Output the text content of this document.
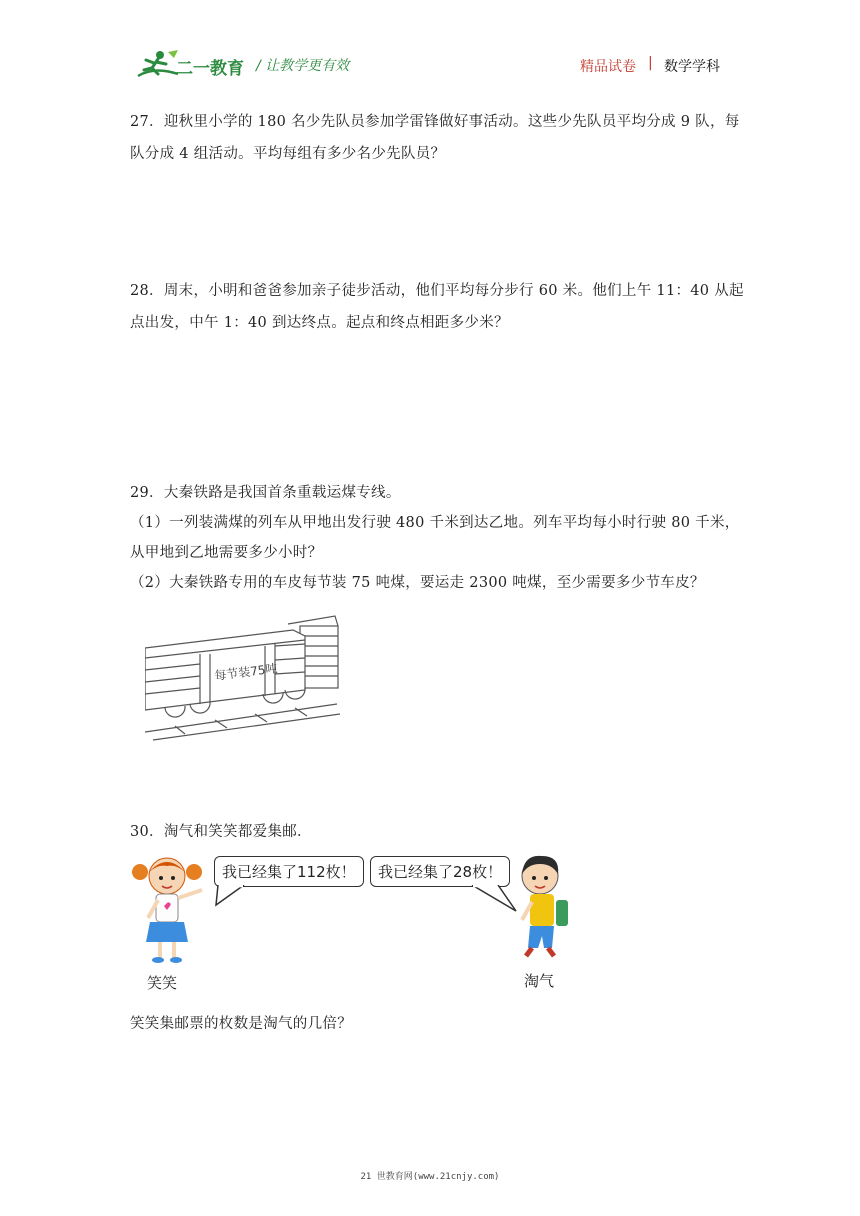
二一教育 / 让教学更有效	精品试卷 | 数学学科
27．迎秋里小学的 180 名少先队员参加学雷锋做好事活动。这些少先队员平均分成 9 队，每
队分成 4 组活动。平均每组有多少名少先队员？
28．周末，小明和爸爸参加亲子徒步活动，他们平均每分步行 60 米。他们上午 11：40 从起
点出发，中午 1：40 到达终点。起点和终点相距多少米？
29．大秦铁路是我国首条重载运煤专线。
（1）一列装满煤的列车从甲地出发行驶 480 千米到达乙地。列车平均每小时行驶 80 千米，
从甲地到乙地需要多少小时？
（2）大秦铁路专用的车皮每节装 75 吨煤，要运走 2300 吨煤，至少需要多少节车皮？
每节装75吨
30．淘气和笑笑都爱集邮．
我已经集了112枚！	我已经集了28枚！
笑笑	淘气
笑笑集邮票的枚数是淘气的几倍？
21 世教育网(www.21cnjy.com)
